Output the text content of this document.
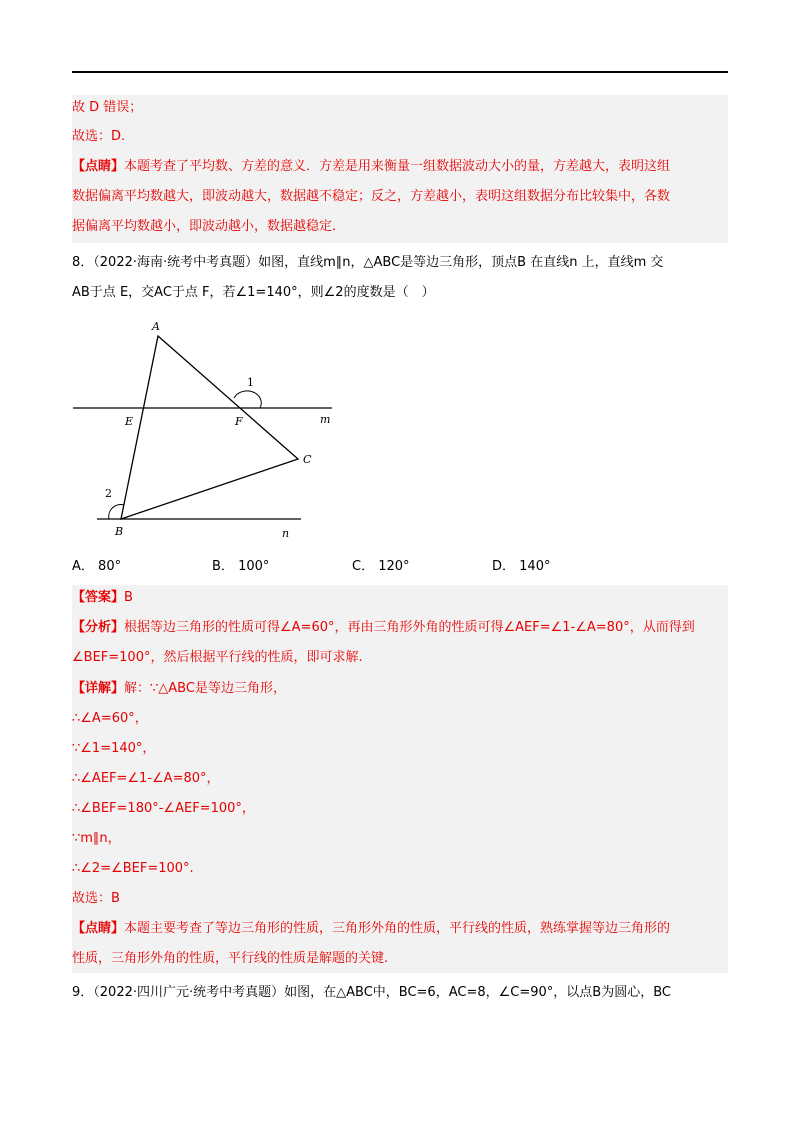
故 D 错误；
故选：D.
【点睛】本题考查了平均数、方差的意义．方差是用来衡量一组数据波动大小的量，方差越大，表明这组
数据偏离平均数越大，即波动越大，数据越不稳定；反之，方差越小，表明这组数据分布比较集中，各数
据偏离平均数越小，即波动越小，数据越稳定．
8．（2022·海南·统考中考真题）如图，直线m∥n，△ABC是等边三角形，顶点B 在直线n 上，直线m 交
AB于点 E，交AC于点 F，若∠1=140°，则∠2的度数是（　）
A
E	F	m
C
B	n
1
2
A． 80°	B． 100°	C． 120°	D． 140°
【答案】B
【分析】根据等边三角形的性质可得∠A=60°，再由三角形外角的性质可得∠AEF=∠1-∠A=80°，从而得到
∠BEF=100°，然后根据平行线的性质，即可求解.
【详解】解：∵△ABC是等边三角形，
∴∠A=60°，
∵∠1=140°，
∴∠AEF=∠1-∠A=80°，
∴∠BEF=180°-∠AEF=100°，
∵m∥n，
∴∠2=∠BEF=100°.
故选：B
【点睛】本题主要考查了等边三角形的性质，三角形外角的性质，平行线的性质，熟练掌握等边三角形的
性质，三角形外角的性质，平行线的性质是解题的关键.
9．（2022·四川广元·统考中考真题）如图，在△ABC中，BC=6，AC=8，∠C=90°，以点B为圆心，BC
